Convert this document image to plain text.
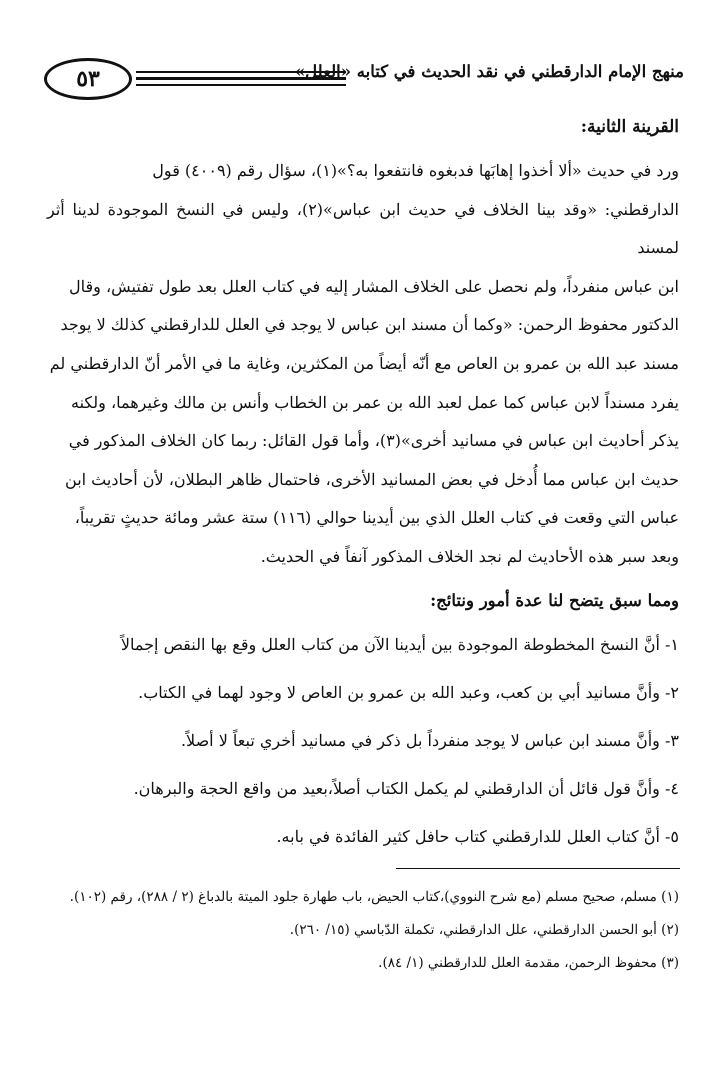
٥٣	منهج الإمام الدارقطني في نقد الحديث في كتابه «العلل»

القرينة الثانية:

ورد في حديث «ألا أخذوا إهابَها فدبغوه فانتفعوا به؟»(١)، سؤال رقم (٤٠٠٩) قول

الدارقطني: «وقد بينا الخلاف في حديث ابن عباس»(٢)، وليس في النسخ الموجودة لدينا أثر لمسند

ابن عباس منفرداً، ولم نحصل على الخلاف المشار إليه في كتاب العلل بعد طول تفتيش، وقال

الدكتور محفوظ الرحمن: «وكما أن مسند ابن عباس لا يوجد في العلل للدارقطني كذلك لا يوجد

مسند عبد الله بن عمرو بن العاص مع أنّه أيضاً من المكثرين، وغاية ما في الأمر أنّ الدارقطني لم

يفرد مسنداً لابن عباس كما عمل لعبد الله بن عمر بن الخطاب وأنس بن مالك وغيرهما، ولكنه

يذكر أحاديث ابن عباس في مسانيد أخرى»(٣)، وأما قول القائل: ربما كان الخلاف المذكور في

حديث ابن عباس مما أُدخل في بعض المسانيد الأخرى، فاحتمال ظاهر البطلان، لأن أحاديث ابن

عباس التي وقعت في كتاب العلل الذي بين أيدينا حوالي (١١٦) ستة عشر ومائة حديثٍ تقريباً،

وبعد سبر هذه الأحاديث لم نجد الخلاف المذكور آنفاً في الحديث.

ومما سبق يتضح لنا عدة أمور ونتائج:

١- أنَّ النسخ المخطوطة الموجودة بين أيدينا الآن من كتاب العلل وقع بها النقص إجمالاً

٢- وأنَّ مسانيد أبي بن كعب، وعبد الله بن عمرو بن العاص لا وجود لهما في الكتاب.

٣- وأنَّ مسند ابن عباس لا يوجد منفرداً بل ذكر في مسانيد أخري تبعاً لا أصلاً.

٤- وأنَّ قول قائل أن الدارقطني لم يكمل الكتاب أصلاً،بعيد من واقع الحجة والبرهان.

٥- أنَّ كتاب العلل للدارقطني كتاب حافل كثير الفائدة في بابه.

(١) مسلم، صحيح مسلم (مع شرح النووي)،كتاب الحيض، باب طهارة جلود الميتة بالدباغ (٢ / ٢٨٨)، رقم (١٠٢).

(٢) أبو الحسن الدارقطني، علل الدارقطني، تكملة الدّباسي (١٥/ ٢٦٠).

(٣) محفوظ الرحمن، مقدمة العلل للدارقطني (١/ ٨٤).
